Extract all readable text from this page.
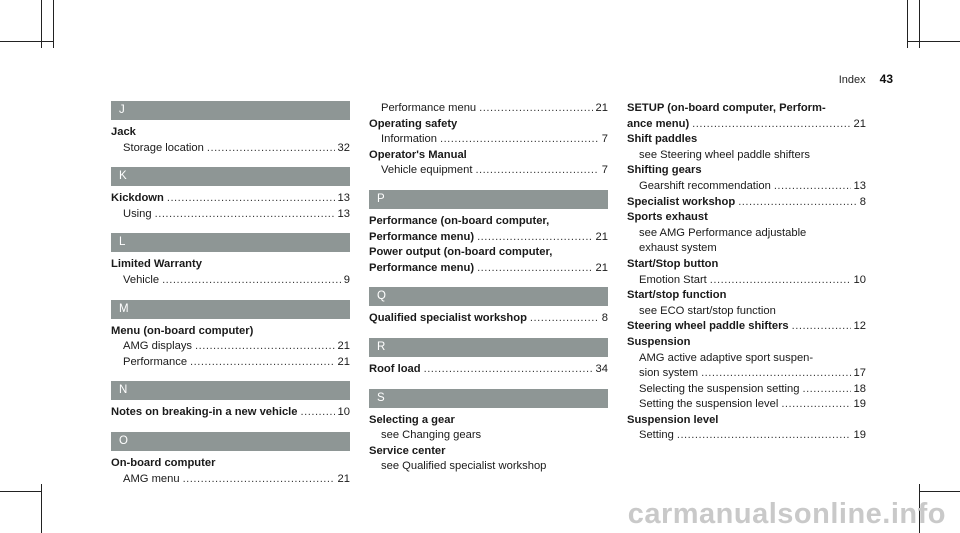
Index 43
J
Jack
Storage location .....	32
K
Kickdown .....	13
Using .....	13
L
Limited Warranty
Vehicle .....	9
M
Menu (on-board computer)
AMG displays .....	21
Performance .....	21
N
Notes on breaking-in a new vehicle .....	10
O
On-board computer
AMG menu .....	21
Performance menu .....	21
Operating safety
Information .....	7
Operator's Manual
Vehicle equipment .....	7
P
Performance (on-board computer,
Performance menu) .....	21
Power output (on-board computer,
Performance menu) .....	21
Q
Qualified specialist workshop .....	8
R
Roof load .....	34
S
Selecting a gear
see Changing gears
Service center
see Qualified specialist workshop
SETUP (on-board computer, Perform-
ance menu) .....	21
Shift paddles
see Steering wheel paddle shifters
Shifting gears
Gearshift recommendation .....	13
Specialist workshop .....	8
Sports exhaust
see AMG Performance adjustable
exhaust system
Start/Stop button
Emotion Start .....	10
Start/stop function
see ECO start/stop function
Steering wheel paddle shifters .....	12
Suspension
AMG active adaptive sport suspen-
sion system .....	17
Selecting the suspension setting .....	18
Setting the suspension level .....	19
Suspension level
Setting .....	19
carmanualsonline.info
